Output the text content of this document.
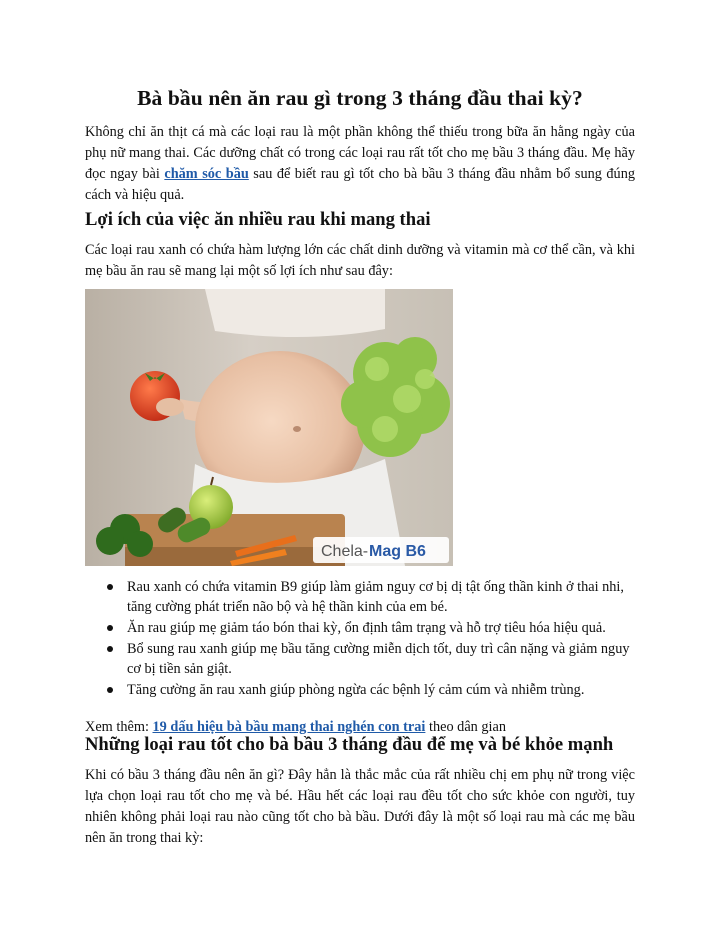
Bà bầu nên ăn rau gì trong 3 tháng đầu thai kỳ?

Không chỉ ăn thịt cá mà các loại rau là một phần không thể thiếu trong bữa ăn hằng ngày của phụ nữ mang thai. Các dưỡng chất có trong các loại rau rất tốt cho mẹ bầu 3 tháng đầu. Mẹ hãy đọc ngay bài chăm sóc bầu sau để biết rau gì tốt cho bà bầu 3 tháng đầu nhằm bổ sung đúng cách và hiệu quả.

Lợi ích của việc ăn nhiều rau khi mang thai

Các loại rau xanh có chứa hàm lượng lớn các chất dinh dưỡng và vitamin mà cơ thể cần, và khi mẹ bầu ăn rau sẽ mang lại một số lợi ích như sau đây:

Chela- Mag B6
Rau xanh có chứa vitamin B9 giúp làm giảm nguy cơ bị dị tật ống thần kinh ở thai nhi, tăng cường phát triển não bộ và hệ thần kinh của em bé.
Ăn rau giúp mẹ giảm táo bón thai kỳ, ổn định tâm trạng và hỗ trợ tiêu hóa hiệu quả.
Bổ sung rau xanh giúp mẹ bầu tăng cường miễn dịch tốt, duy trì cân nặng và giảm nguy cơ bị tiền sản giật.
Tăng cường ăn rau xanh giúp phòng ngừa các bệnh lý cảm cúm và nhiễm trùng.

Xem thêm: 19 dấu hiệu bà bầu mang thai nghén con trai theo dân gian

Những loại rau tốt cho bà bầu 3 tháng đầu để mẹ và bé khỏe mạnh

Khi có bầu 3 tháng đầu nên ăn gì? Đây hẳn là thắc mắc của rất nhiều chị em phụ nữ trong việc lựa chọn loại rau tốt cho mẹ và bé. Hầu hết các loại rau đều tốt cho sức khỏe con người, tuy nhiên không phải loại rau nào cũng tốt cho bà bầu. Dưới đây là một số loại rau mà các mẹ bầu nên ăn trong thai kỳ:
